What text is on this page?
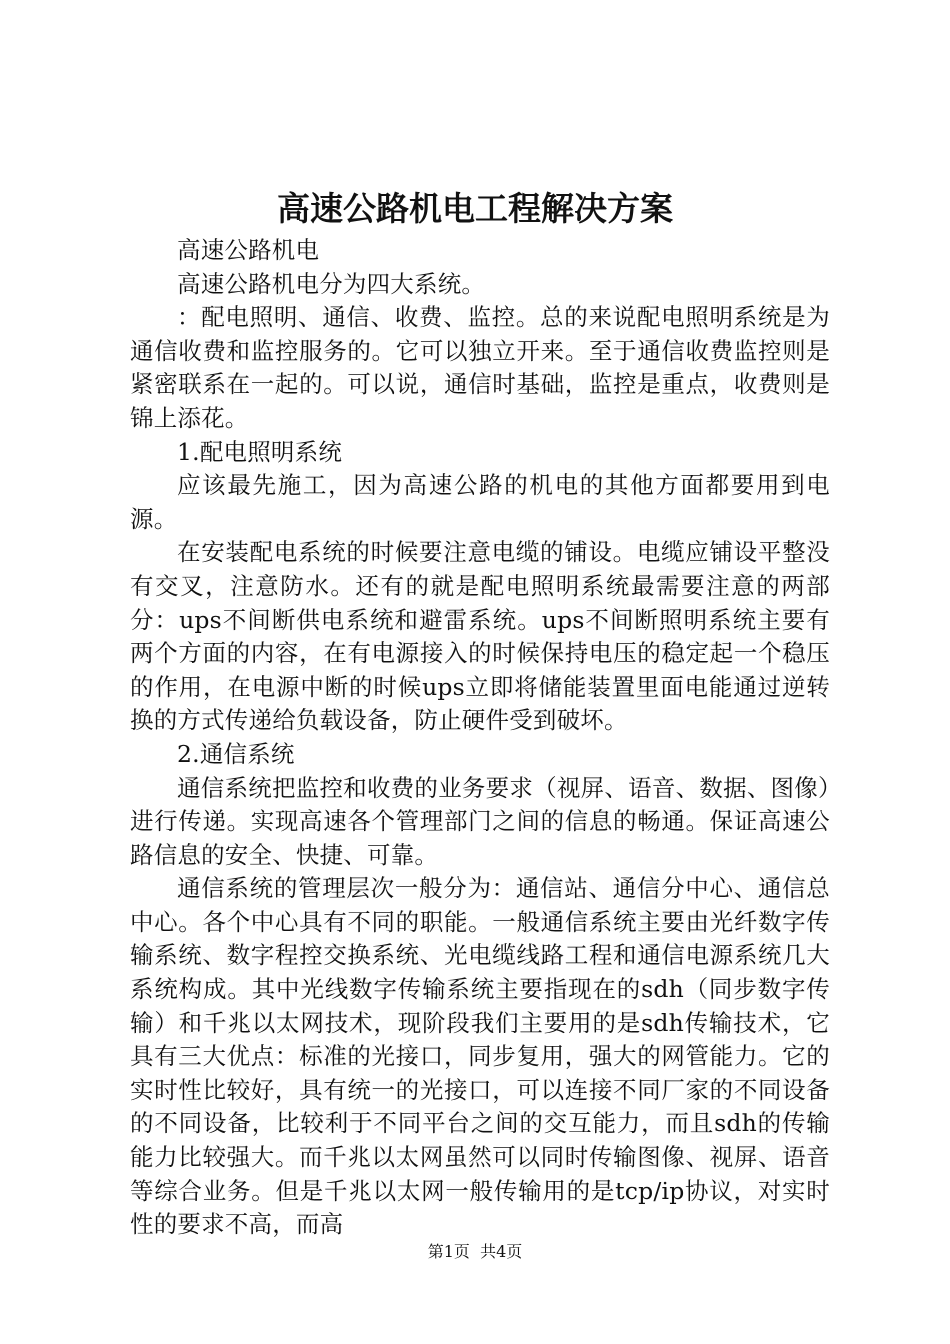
高速公路机电工程解决方案

高速公路机电

高速公路机电分为四大系统。

：配电照明、通信、收费、监控。总的来说配电照明系统是为通信收费和监控服务的。它可以独立开来。至于通信收费监控则是紧密联系在一起的。可以说，通信时基础，监控是重点，收费则是锦上添花。

1.配电照明系统

应该最先施工，因为高速公路的机电的其他方面都要用到电源。

在安装配电系统的时候要注意电缆的铺设。电缆应铺设平整没有交叉，注意防水。还有的就是配电照明系统最需要注意的两部分：ups不间断供电系统和避雷系统。ups不间断照明系统主要有两个方面的内容，在有电源接入的时候保持电压的稳定起一个稳压的作用，在电源中断的时候ups立即将储能装置里面电能通过逆转换的方式传递给负载设备，防止硬件受到破坏。

2.通信系统

通信系统把监控和收费的业务要求（视屏、语音、数据、图像）进行传递。实现高速各个管理部门之间的信息的畅通。保证高速公路信息的安全、快捷、可靠。

通信系统的管理层次一般分为：通信站、通信分中心、通信总中心。各个中心具有不同的职能。一般通信系统主要由光纤数字传输系统、数字程控交换系统、光电缆线路工程和通信电源系统几大系统构成。其中光线数字传输系统主要指现在的sdh（同步数字传输）和千兆以太网技术，现阶段我们主要用的是sdh传输技术，它具有三大优点：标准的光接口，同步复用，强大的网管能力。它的实时性比较好，具有统一的光接口，可以连接不同厂家的不同设备的不同设备，比较利于不同平台之间的交互能力，而且sdh的传输能力比较强大。而千兆以太网虽然可以同时传输图像、视屏、语音等综合业务。但是千兆以太网一般传输用的是tcp/ip协议，对实时性的要求不高，而高

第1页 共4页
